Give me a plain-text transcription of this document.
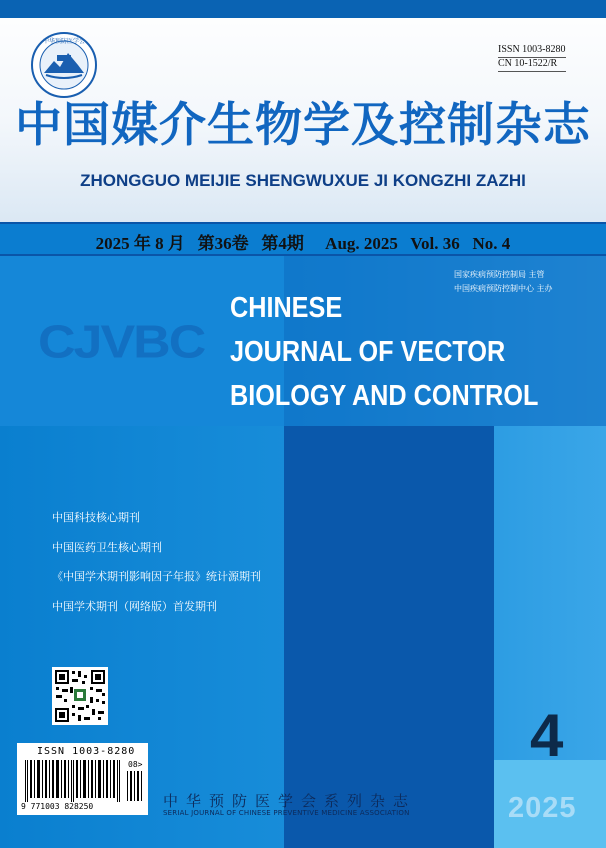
中华预防医学会
ISSN 1003-8280
CN 10-1522/R
中国媒介生物学及控制杂志
ZHONGGUO MEIJIE SHENGWUXUE JI KONGZHI ZAZHI
2025 年 8 月   第36卷   第4期     Aug. 2025   Vol. 36   No. 4
国家疾病预防控制局 主管
中国疾病预防控制中心 主办
CJVBC
CHINESE
JOURNAL OF VECTOR
BIOLOGY AND CONTROL
中国科技核心期刊
中国医药卫生核心期刊
《中国学术期刊影响因子年报》统计源期刊
中国学术期刊（网络版）首发期刊
ISSN 1003-8280
08>
9 771003 828250	中华预防医学会系列杂志
SERIAL JOURNAL OF CHINESE PREVENTIVE MEDICINE ASSOCIATION
4
2025
